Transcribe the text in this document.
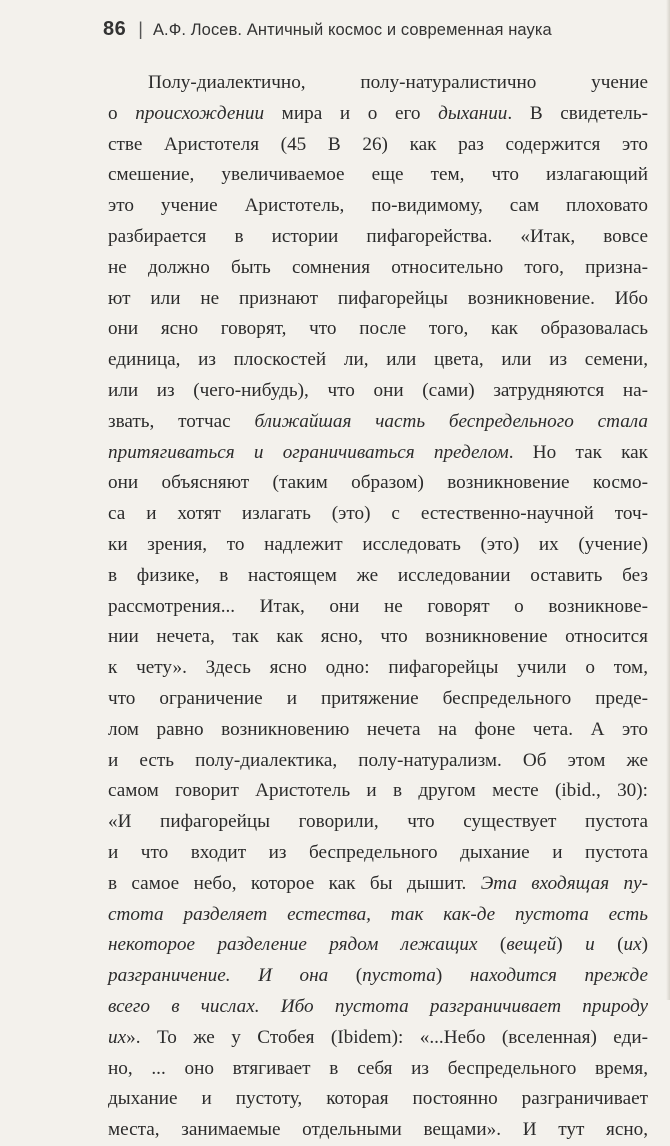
86 | А.Ф. Лосев. Античный космос и современная наука
Полу-диалектично, полу-натуралистично учение
о происхождении мира и о его дыхании. В свидетель-
стве Аристотеля (45 В 26) как раз содержится это
смешение, увеличиваемое еще тем, что излагающий
это учение Аристотель, по-видимому, сам плоховато
разбирается в истории пифагорейства. «Итак, вовсе
не должно быть сомнения относительно того, призна-
ют или не признают пифагорейцы возникновение. Ибо
они ясно говорят, что после того, как образовалась
единица, из плоскостей ли, или цвета, или из семени,
или из (чего-нибудь), что они (сами) затрудняются на-
звать, тотчас ближайшая часть беспредельного стала
притягиваться и ограничиваться пределом. Но так как
они объясняют (таким образом) возникновение космо-
са и хотят излагать (это) с естественно-научной точ-
ки зрения, то надлежит исследовать (это) их (учение)
в физике, в настоящем же исследовании оставить без
рассмотрения... Итак, они не говорят о возникнове-
нии нечета, так как ясно, что возникновение относится
к чету». Здесь ясно одно: пифагорейцы учили о том,
что ограничение и притяжение беспредельного преде-
лом равно возникновению нечета на фоне чета. А это
и есть полу-диалектика, полу-натурализм. Об этом же
самом говорит Аристотель и в другом месте (ibid., 30):
«И пифагорейцы говорили, что существует пустота
и что входит из беспредельного дыхание и пустота
в самое небо, которое как бы дышит. Эта входящая пу-
стота разделяет естества, так как-де пустота есть
некоторое разделение рядом лежащих (вещей) и (их)
разграничение. И она (пустота) находится прежде
всего в числах. Ибо пустота разграничивает природу
их». То же у Стобея (Ibidem): «...Небо (вселенная) еди-
но, ... оно втягивает в себя из беспредельного время,
дыхание и пустоту, которая постоянно разграничивает
места, занимаемые отдельными вещами». И тут ясно,
